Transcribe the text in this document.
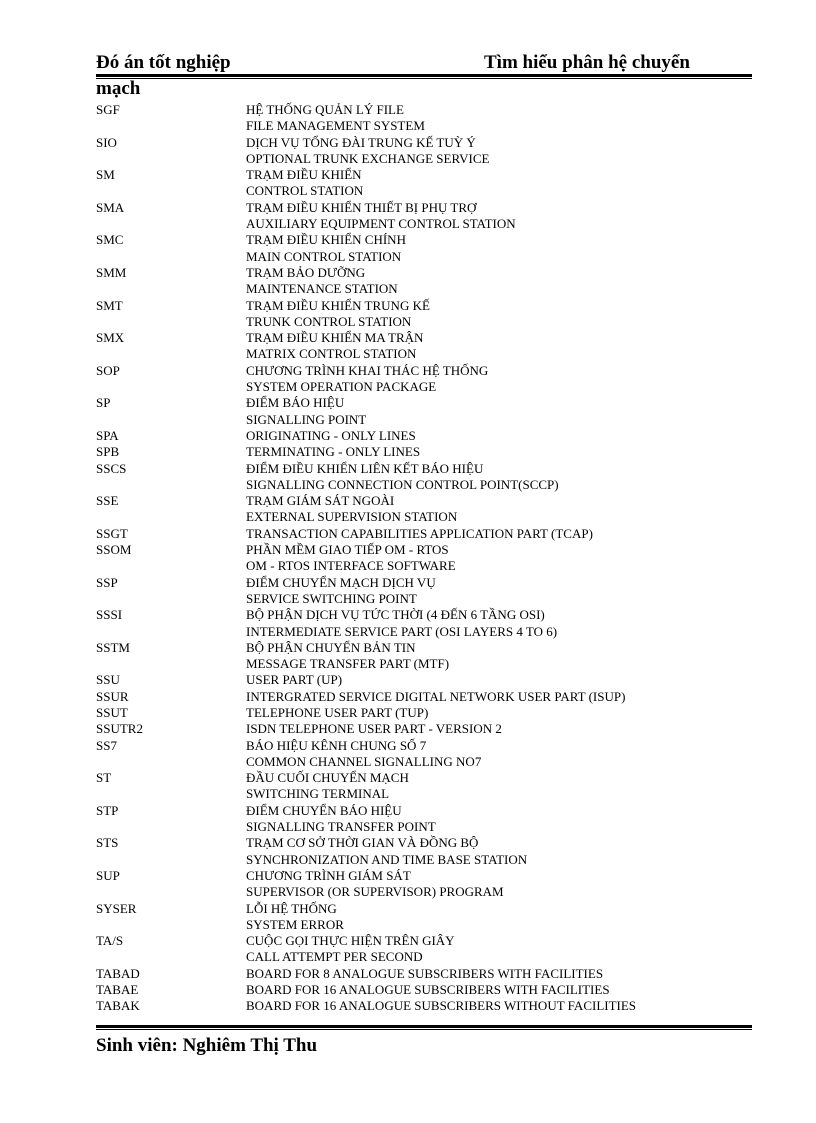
Đó án tốt nghiệp	Tìm hiểu phân hệ chuyển
mạch
SGF	HỆ THỐNG QUẢN LÝ FILE
FILE MANAGEMENT SYSTEM
SIO	DỊCH VỤ TỔNG ĐÀI TRUNG KẾ TUỲ Ý
OPTIONAL TRUNK EXCHANGE SERVICE
SM	TRẠM ĐIỀU KHIỂN
CONTROL STATION
SMA	TRẠM ĐIỀU KHIỂN THIẾT BỊ PHỤ TRỢ
AUXILIARY EQUIPMENT CONTROL STATION
SMC	TRẠM ĐIỀU KHIỂN CHÍNH
MAIN CONTROL STATION
SMM	TRẠM BẢO DƯỠNG
MAINTENANCE STATION
SMT	TRẠM ĐIỀU KHIỂN TRUNG KẾ
TRUNK CONTROL STATION
SMX	TRẠM ĐIỀU KHIỂN MA TRẬN
MATRIX CONTROL STATION
SOP	CHƯƠNG TRÌNH KHAI THÁC HỆ THỐNG
SYSTEM OPERATION PACKAGE
SP	ĐIỂM BÁO HIỆU
SIGNALLING POINT
SPA	ORIGINATING - ONLY LINES
SPB	TERMINATING - ONLY LINES
SSCS	ĐIỂM ĐIỀU KHIỂN LIÊN KẾT BÁO HIỆU
SIGNALLING CONNECTION CONTROL POINT(SCCP)
SSE	TRẠM GIÁM SÁT NGOÀI
EXTERNAL SUPERVISION STATION
SSGT	TRANSACTION CAPABILITIES APPLICATION PART (TCAP)
SSOM	PHẦN MỀM GIAO TIẾP OM - RTOS
OM - RTOS INTERFACE SOFTWARE
SSP	ĐIỂM CHUYỂN MẠCH DỊCH VỤ
SERVICE SWITCHING POINT
SSSI	BỘ PHẬN DỊCH VỤ TỨC THỜI (4 ĐẾN 6 TẦNG OSI)
INTERMEDIATE SERVICE PART (OSI LAYERS 4 TO 6)
SSTM	BỘ PHẬN CHUYỂN BẢN TIN
MESSAGE TRANSFER PART (MTF)
SSU	USER PART (UP)
SSUR	INTERGRATED SERVICE DIGITAL NETWORK USER PART (ISUP)
SSUT	TELEPHONE USER PART (TUP)
SSUTR2	ISDN TELEPHONE USER PART - VERSION 2
SS7	BÁO HIỆU KÊNH CHUNG SỐ 7
COMMON CHANNEL SIGNALLING NO7
ST	ĐẦU CUỐI CHUYỂN MẠCH
SWITCHING TERMINAL
STP	ĐIỂM CHUYỂN BÁO HIỆU
SIGNALLING TRANSFER POINT
STS	TRẠM CƠ SỞ THỜI GIAN VÀ ĐỒNG BỘ
SYNCHRONIZATION AND TIME BASE STATION
SUP	CHƯƠNG TRÌNH GIÁM SÁT
SUPERVISOR (OR SUPERVISOR) PROGRAM
SYSER	LỖI HỆ THỐNG
SYSTEM ERROR
TA/S	CUỘC GỌI THỰC HIỆN TRÊN GIÂY
CALL ATTEMPT PER SECOND
TABAD	BOARD FOR 8 ANALOGUE SUBSCRIBERS WITH FACILITIES
TABAE	BOARD FOR 16 ANALOGUE SUBSCRIBERS WITH FACILITIES
TABAK	BOARD FOR 16 ANALOGUE SUBSCRIBERS WITHOUT FACILITIES
Sinh viên: Nghiêm Thị Thu
